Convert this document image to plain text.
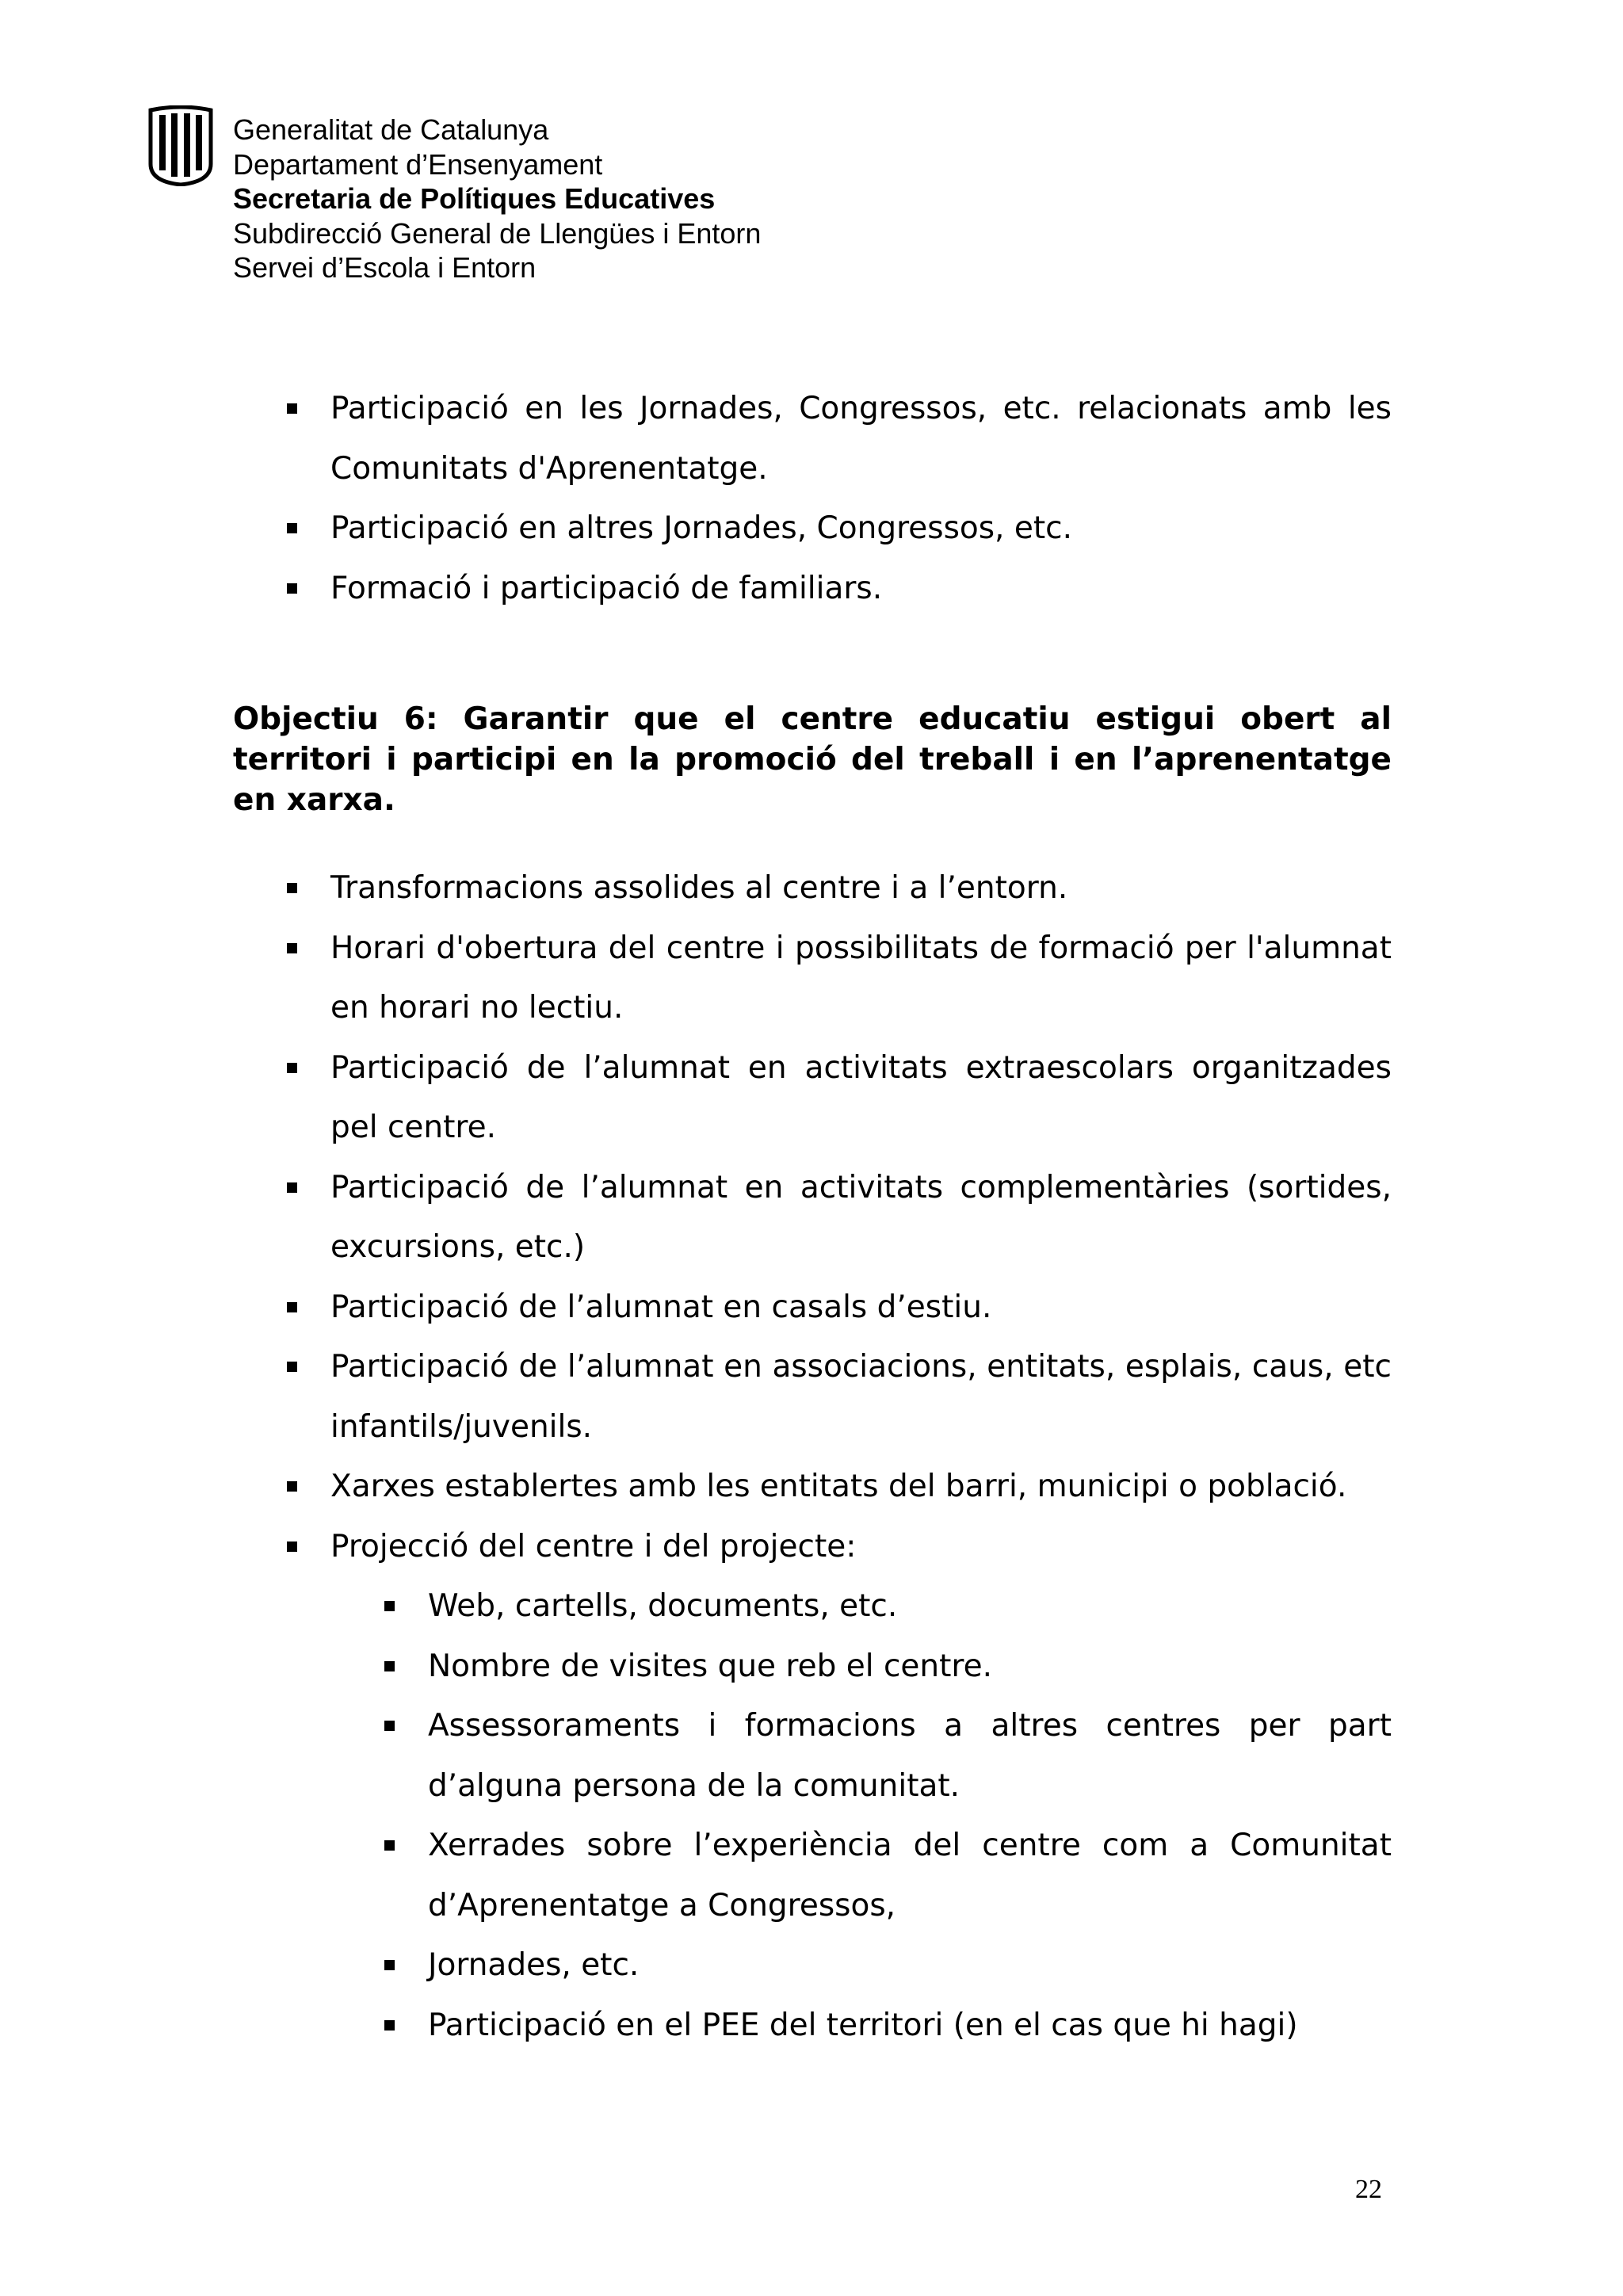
Generalitat de Catalunya
Departament d’Ensenyament
Secretaria de Polítiques Educatives
Subdirecció General de Llengües i Entorn
Servei d’Escola i Entorn
Participació en les Jornades, Congressos, etc. relacionats amb les Comunitats d'Aprenentatge.
Participació en altres Jornades, Congressos, etc.
Formació i participació de familiars.
Objectiu 6: Garantir que el centre educatiu estigui obert al territori i participi en la promoció del treball i en l’aprenentatge en xarxa.
Transformacions assolides al centre i a l’entorn.
Horari d'obertura del centre i possibilitats de formació per l'alumnat en horari no lectiu.
Participació de l’alumnat en activitats extraescolars organitzades pel centre.
Participació de l’alumnat en activitats complementàries (sortides, excursions, etc.)
Participació de l’alumnat en casals d’estiu.
Participació de l’alumnat en associacions, entitats, esplais, caus, etc infantils/juvenils.
Xarxes establertes amb les entitats del barri, municipi o població.
Projecció del centre i del projecte:
Web, cartells, documents, etc.
Nombre de visites que reb el centre.
Assessoraments i formacions a altres centres per part d’alguna persona de la comunitat.
Xerrades sobre l’experiència del centre com a Comunitat d’Aprenentatge a Congressos,
Jornades, etc.
Participació en el PEE del territori (en el cas que hi hagi)
22
